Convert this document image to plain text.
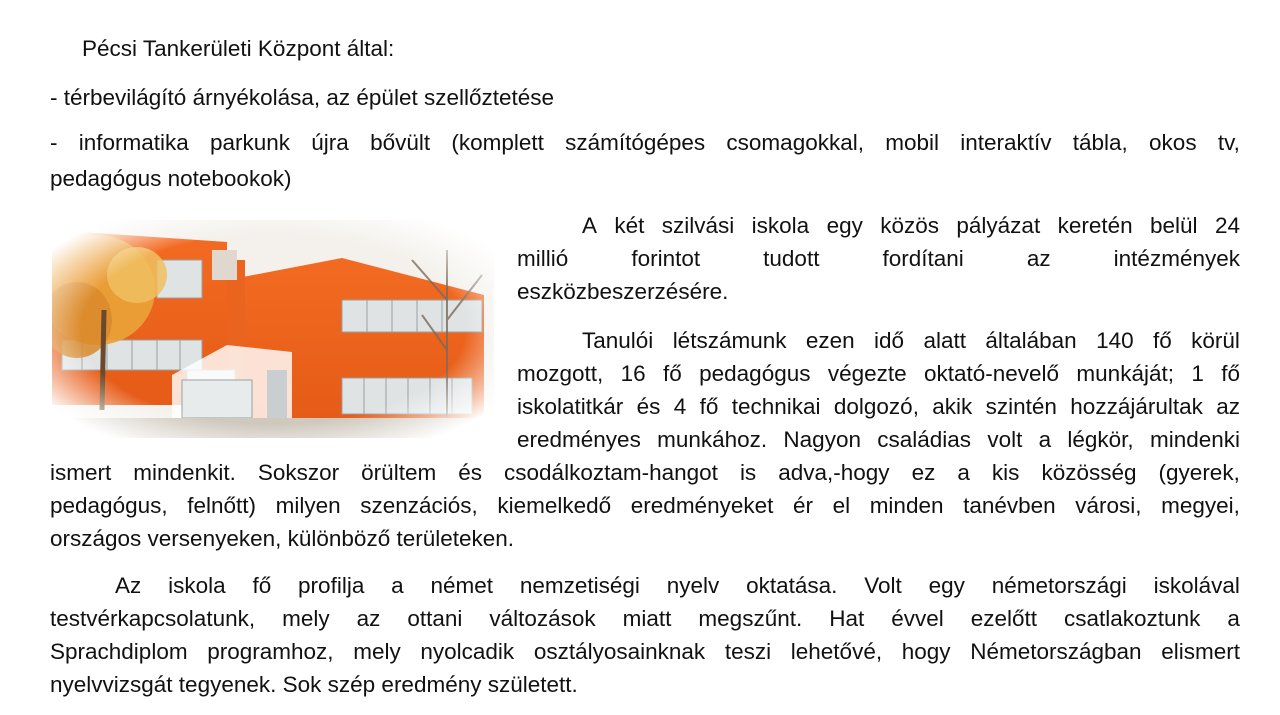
Pécsi Tankerületi Központ által:

- térbevilágító árnyékolása, az épület szellőztetése

- informatika parkunk újra bővült (komplett számítógépes csomagokkal, mobil interaktív tábla, okos tv,

pedagógus notebookok)

A két szilvási iskola egy közös pályázat keretén belül 24

millió	forintot	tudott	fordítani	az	intézmények

eszközbeszerzésére.

Tanulói létszámunk ezen idő alatt általában 140 fő körül

mozgott, 16 fő pedagógus végezte oktató-nevelő munkáját; 1 fő

iskolatitkár és 4 fő technikai dolgozó, akik szintén hozzájárultak az

eredményes munkához. Nagyon családias volt a légkör, mindenki

ismert mindenkit. Sokszor örültem és csodálkoztam-hangot is adva,-hogy ez a kis közösség (gyerek,

pedagógus, felnőtt) milyen szenzációs, kiemelkedő eredményeket ér el minden tanévben városi, megyei,

országos versenyeken, különböző területeken.

Az iskola fő profilja a német nemzetiségi nyelv oktatása. Volt egy németországi iskolával

testvérkapcsolatunk, mely az ottani változások miatt megszűnt. Hat évvel ezelőtt csatlakoztunk a

Sprachdiplom programhoz, mely nyolcadik osztályosainknak teszi lehetővé, hogy Németországban elismert

nyelvvizsgát tegyenek. Sok szép eredmény született.
